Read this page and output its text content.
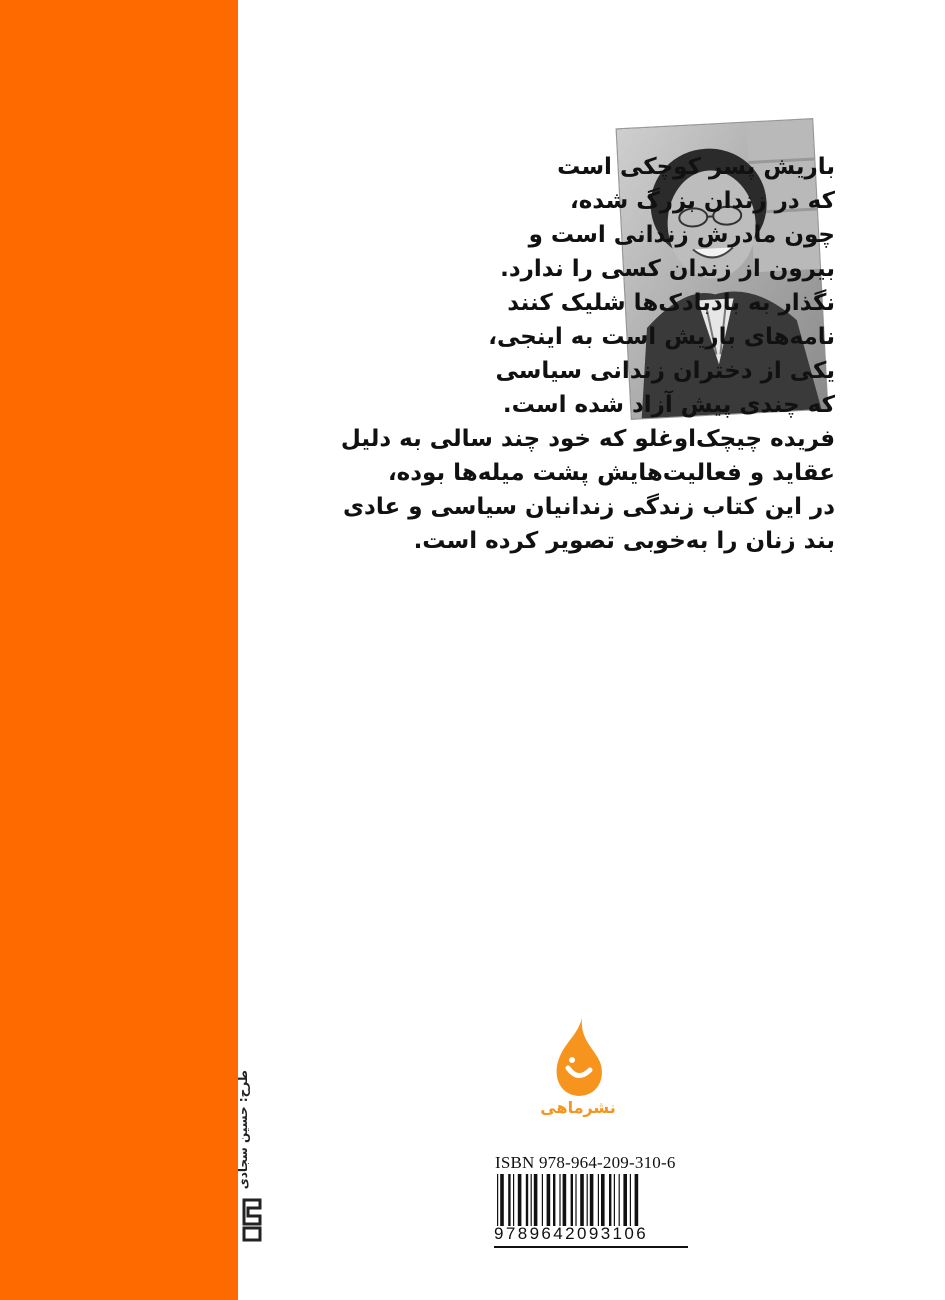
طرح: حسین سجادی
باریش پسر کوچکی است
که در زندان بزرگ شده،
چون مادرش زندانی است و
بیرون از زندان کسی را ندارد.
نگذار به بادبادک‌ها شلیک کنند
نامه‌های باریش است به اینجی،
یکی از دختران زندانی سیاسی
که چندی پیش آزاد شده است.
فریده چیچک‌اوغلو که خود چند سالی به دلیل
عقاید و فعالیت‌هایش پشت میله‌ها بوده،
در این کتاب زندگی زندانیان سیاسی و عادی
بند زنان را به‌خوبی تصویر کرده است.
نشرماهی
ISBN 978-964-209-310-6
9789642093106
